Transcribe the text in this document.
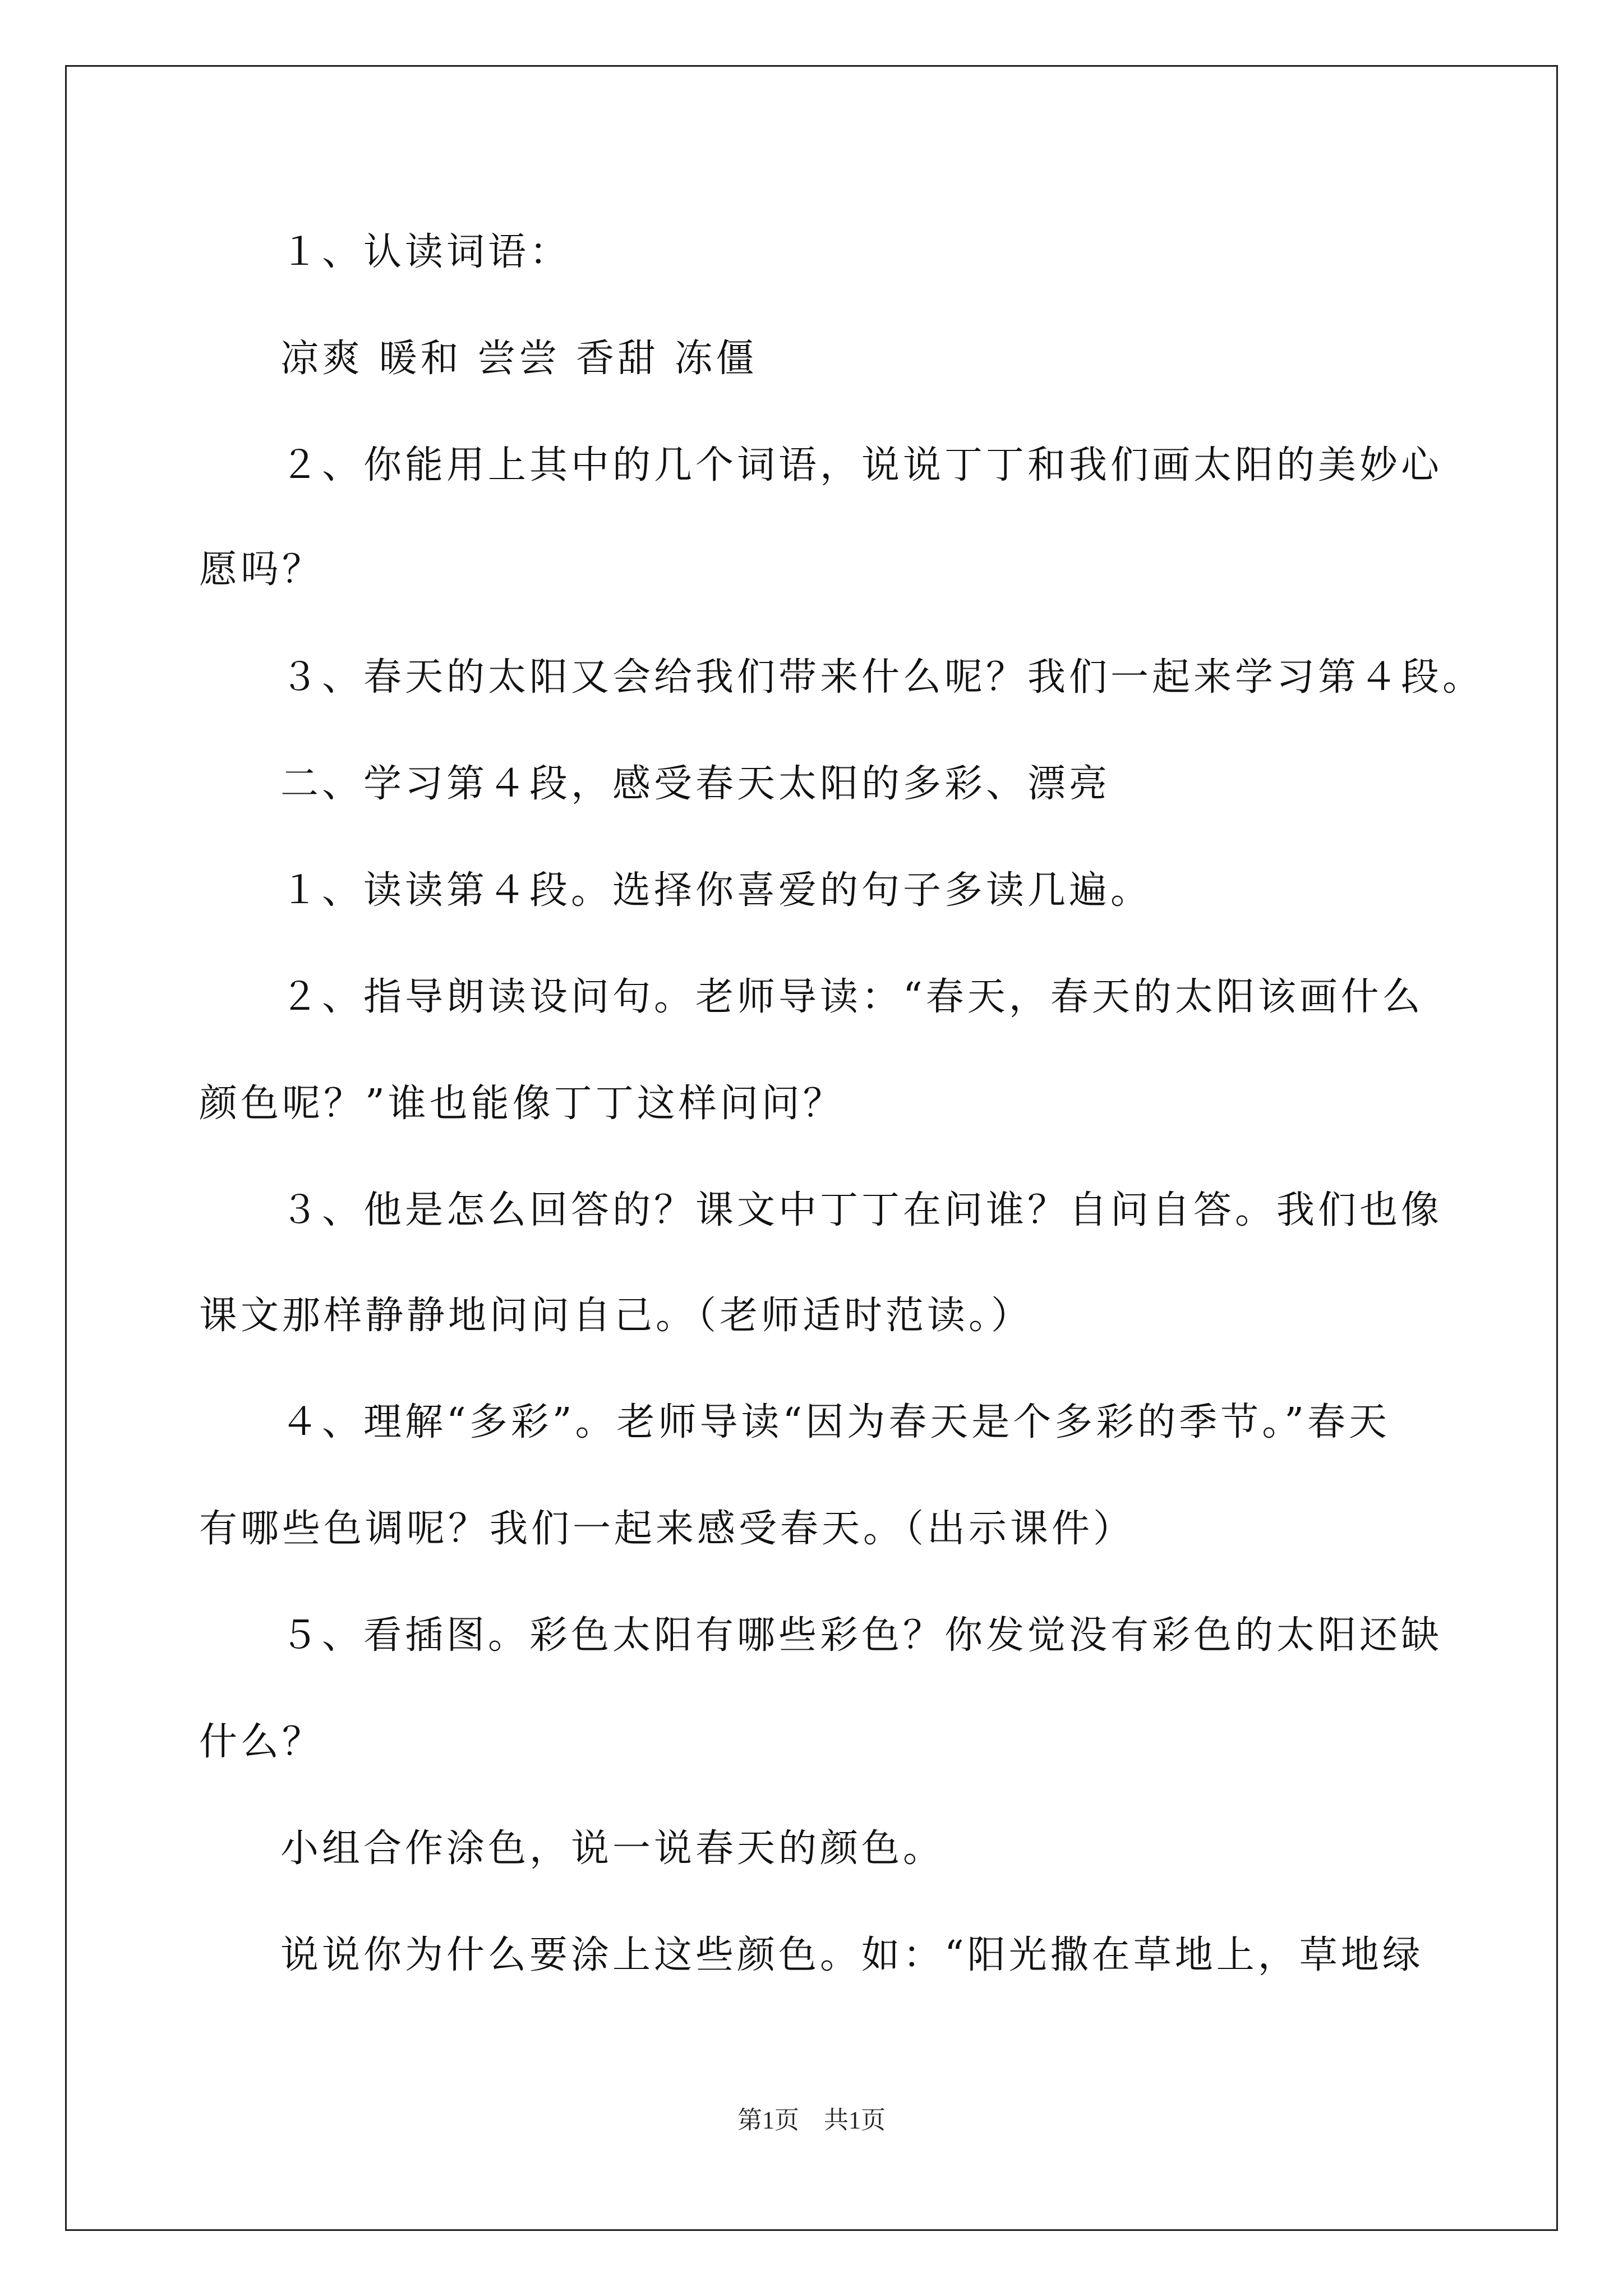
１、认读词语：
凉爽 暖和 尝尝 香甜 冻僵
２、你能用上其中的几个词语，说说丁丁和我们画太阳的美妙心
愿吗？
３、春天的太阳又会给我们带来什么呢？我们一起来学习第４段。
二、学习第４段，感受春天太阳的多彩、漂亮
１、读读第４段。选择你喜爱的句子多读几遍。
２、指导朗读设问句。老师导读：“春天，春天的太阳该画什么
颜色呢？”谁也能像丁丁这样问问？
３、他是怎么回答的？课文中丁丁在问谁？自问自答。我们也像
课文那样静静地问问自己。（老师适时范读。）
４、理解“多彩”。老师导读“因为春天是个多彩的季节。”春天
有哪些色调呢？我们一起来感受春天。（出示课件）
５、看插图。彩色太阳有哪些彩色？你发觉没有彩色的太阳还缺
什么？
小组合作涂色，说一说春天的颜色。
说说你为什么要涂上这些颜色。如：“阳光撒在草地上，草地绿
第1页　共1页
